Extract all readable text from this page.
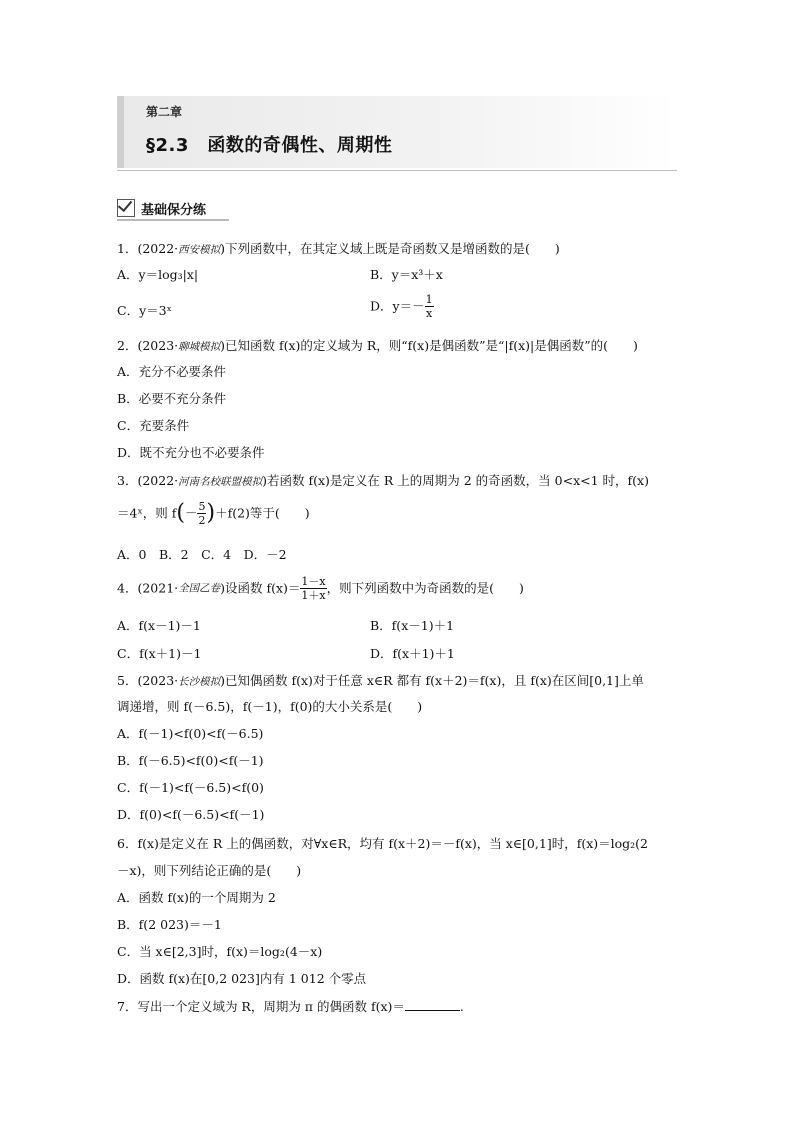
第二章
§2.3　函数的奇偶性、周期性
基础保分练
1．(2022·西安模拟)下列函数中，在其定义域上既是奇函数又是增函数的是(　　)
A．y＝log₃|x|	B．y＝x³＋x
C．y＝3ˣ	D．$y=- \frac{1}{x}$
2．(2023·聊城模拟)已知函数 f(x)的定义域为 R，则“f(x)是偶函数”是“|f(x)|是偶函数”的(　　)
A．充分不必要条件
B．必要不充分条件
C．充要条件
D．既不充分也不必要条件
3．(2022·河南名校联盟模拟)若函数 f(x)是定义在 R 上的周期为 2 的奇函数，当 0<x<1 时，f(x)
＝4ˣ，则 $f(- \frac{5}{2} )+f(2)$等于(　　)
A．0　B．2　C．4　D．－2
4．(2021·全国乙卷)设函数 $f(x)= \frac{1-x}{1+x}$ ，则下列函数中为奇函数的是(　　)
A．f(x－1)－1	B．f(x－1)＋1
C．f(x＋1)－1	D．f(x＋1)＋1
5．(2023·长沙模拟)已知偶函数 f(x)对于任意 x∈R 都有 f(x＋2)＝f(x)，且 f(x)在区间[0,1]上单
调递增，则 f(－6.5)，f(－1)，f(0)的大小关系是(　　)
A．f(－1)<f(0)<f(－6.5)
B．f(－6.5)<f(0)<f(－1)
C．f(－1)<f(－6.5)<f(0)
D．f(0)<f(－6.5)<f(－1)
6．f(x)是定义在 R 上的偶函数，对∀x∈R，均有 f(x＋2)＝－f(x)，当 x∈[0,1]时，f(x)＝log₂(2
－x)，则下列结论正确的是(　　)
A．函数 f(x)的一个周期为 2
B．f(2 023)＝－1
C．当 x∈[2,3]时，f(x)＝log₂(4－x)
D．函数 f(x)在[0,2 023]内有 1 012 个零点
7．写出一个定义域为 R，周期为 π 的偶函数 f(x)＝	.
